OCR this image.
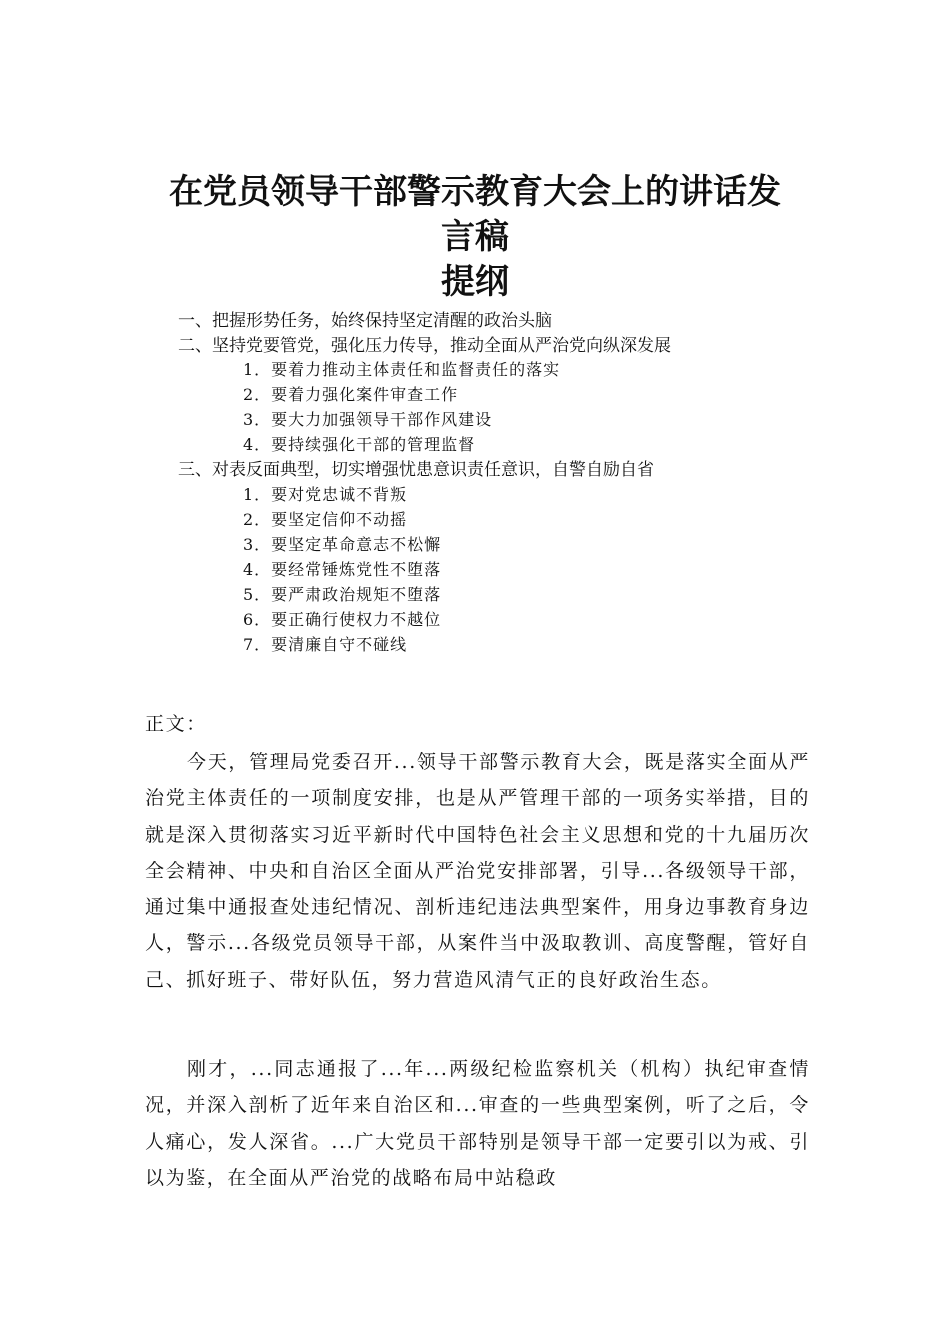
在党员领导干部警示教育大会上的讲话发
言稿
提纲
一、把握形势任务，始终保持坚定清醒的政治头脑
二、坚持党要管党，强化压力传导，推动全面从严治党向纵深发展
1．要着力推动主体责任和监督责任的落实
2．要着力强化案件审查工作
3．要大力加强领导干部作风建设
4．要持续强化干部的管理监督
三、对表反面典型，切实增强忧患意识责任意识，自警自励自省
1．要对党忠诚不背叛
2．要坚定信仰不动摇
3．要坚定革命意志不松懈
4．要经常锤炼党性不堕落
5．要严肃政治规矩不堕落
6．要正确行使权力不越位
7．要清廉自守不碰线

正文：

今天，管理局党委召开...领导干部警示教育大会，既是落实全面从严治党主体责任的一项制度安排，也是从严管理干部的一项务实举措，目的就是深入贯彻落实习近平新时代中国特色社会主义思想和党的十九届历次全会精神、中央和自治区全面从严治党安排部署，引导...各级领导干部，通过集中通报查处违纪情况、剖析违纪违法典型案件，用身边事教育身边人，警示...各级党员领导干部，从案件当中汲取教训、高度警醒，管好自己、抓好班子、带好队伍，努力营造风清气正的良好政治生态。

刚才，...同志通报了...年...两级纪检监察机关（机构）执纪审查情况，并深入剖析了近年来自治区和...审查的一些典型案例，听了之后，令人痛心，发人深省。...广大党员干部特别是领导干部一定要引以为戒、引以为鉴，在全面从严治党的战略布局中站稳政
